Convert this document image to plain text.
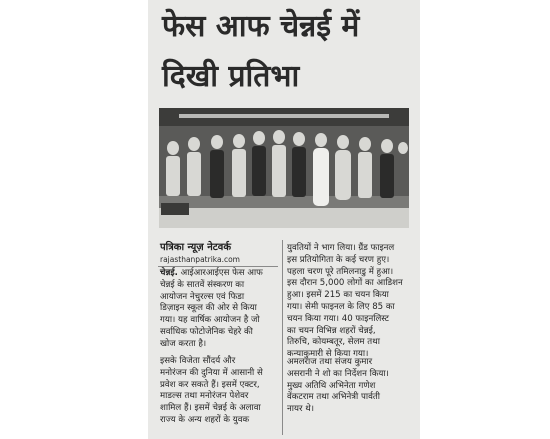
फेस आफ चेन्नई में
दिखी प्रतिभा
पत्रिका न्यूज़ नेटवर्क
rajasthanpatrika.com
चेन्नई. आईआरआईएस फेस आफ
चेन्नई के सातवें संस्करण का
आयोजन नेचुरल्स एवं फिडा
डिज़ाइन स्कूल की ओर से किया
गया। यह वार्षिक आयोजन है जो
सर्वाधिक फोटोजेनिक चेहरे की
खोज करता है।
इसके विजेता सौंदर्य और
मनोरंजन की दुनिया में आसानी से
प्रवेश कर सकते हैं। इसमें एक्टर,
माडल्स तथा मनोरंजन पेशेवर
शामिल हैं। इसमें चेन्नई के अलावा
राज्य के अन्य शहरों के युवक
युवतियों ने भाग लिया। ग्रैंड फाइनल
इस प्रतियोगिता के कई चरण हुए।
पहला चरण पूरे तमिलनाडु में हुआ।
इस दौरान 5,000 लोगों का आडिशन
हुआ। इसमें 215 का चयन किया
गया। सेमी फाइनल के लिए 85 का
चयन किया गया। 40 फाइनलिस्ट
का चयन विभिन्न शहरों चेन्नई,
तिरुचि, कोयम्बतूर, सेलम तथा
कन्याकुमारी से किया गया।
अमलराज तथा संजय कुमार
असरानी ने शो का निर्देशन किया।
मुख्य अतिथि अभिनेता गणेश
वेंकटराम तथा अभिनेत्री पार्वती
नायर थे।
